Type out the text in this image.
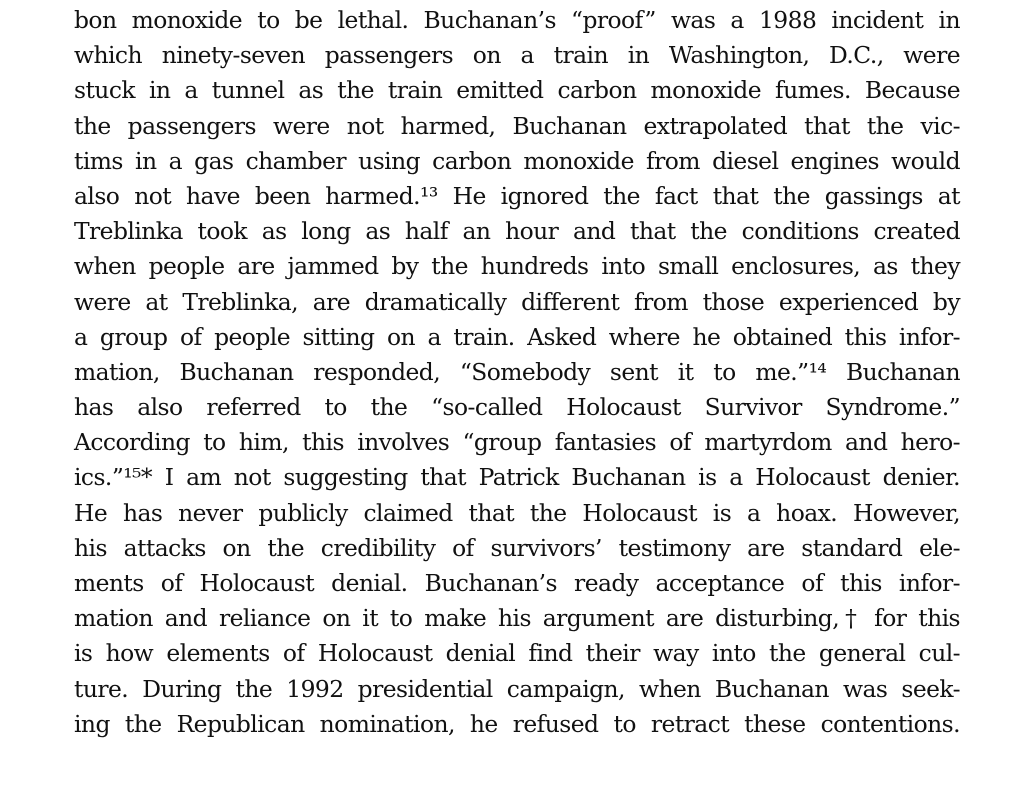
bon monoxide to be lethal. Buchanan’s “proof” was a 1988 incident in
which ninety-seven passengers on a train in Washington, D.C., were
stuck in a tunnel as the train emitted carbon monoxide fumes. Because
the passengers were not harmed, Buchanan extrapolated that the vic-
tims in a gas chamber using carbon monoxide from diesel engines would
also not have been harmed.¹³ He ignored the fact that the gassings at
Treblinka took as long as half an hour and that the conditions created
when people are jammed by the hundreds into small enclosures, as they
were at Treblinka, are dramatically different from those experienced by
a group of people sitting on a train. Asked where he obtained this infor-
mation, Buchanan responded, “Somebody sent it to me.”¹⁴ Buchanan
has also referred to the “so-called Holocaust Survivor Syndrome.”
According to him, this involves “group fantasies of martyrdom and hero-
ics.”¹⁵* I am not suggesting that Patrick Buchanan is a Holocaust denier.
He has never publicly claimed that the Holocaust is a hoax. However,
his attacks on the credibility of survivors’ testimony are standard ele-
ments of Holocaust denial. Buchanan’s ready acceptance of this infor-
mation and reliance on it to make his argument are disturbing,† for this
is how elements of Holocaust denial find their way into the general cul-
ture. During the 1992 presidential campaign, when Buchanan was seek-
ing the Republican nomination, he refused to retract these contentions.
